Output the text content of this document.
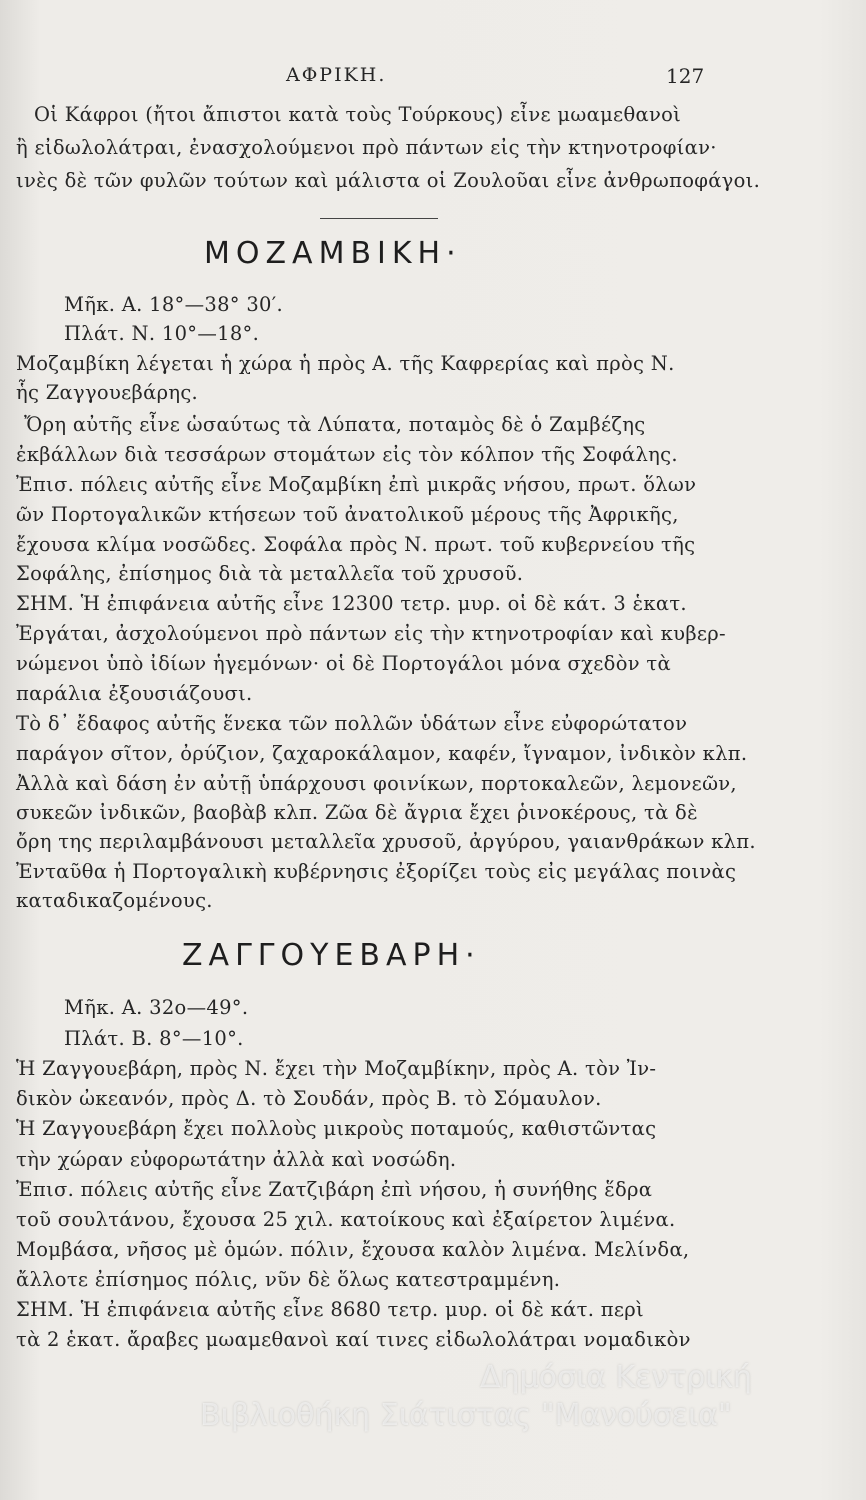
ΑΦΡΙΚΗ.	127
Οἱ Κάφροι (ἤτοι ἄπιστοι κατὰ τοὺς Τούρκους) εἶνε μωαμεθανοὶ
ἢ εἰδωλολάτραι, ἐνασχολούμενοι πρὸ πάντων εἰς τὴν κτηνοτροφίαν·
ινὲς δὲ τῶν φυλῶν τούτων καὶ μάλιστα οἱ Ζουλοῦαι εἶνε ἀνθρωποφάγοι.
ΜΟΖΑΜΒΙΚΗ·
Μῆκ. Α. 18°—38° 30′.
Πλάτ. Ν. 10°—18°.
Μοζαμβίκη λέγεται ἡ χώρα ἡ πρὸς Α. τῆς Καφρερίας καὶ πρὸς Ν.
ἧς Ζαγγουεβάρης.
Ὄρη αὐτῆς εἶνε ὡσαύτως τὰ Λύπατα, ποταμὸς δὲ ὁ Ζαμβέζης
ἐκβάλλων διὰ τεσσάρων στομάτων εἰς τὸν κόλπον τῆς Σοφάλης.
Ἐπισ. πόλεις αὐτῆς εἶνε Μοζαμβίκη ἐπὶ μικρᾶς νήσου, πρωτ. ὅλων
ῶν Πορτογαλικῶν κτήσεων τοῦ ἀνατολικοῦ μέρους τῆς Ἀφρικῆς,
ἔχουσα κλίμα νοσῶδες. Σοφάλα πρὸς Ν. πρωτ. τοῦ κυβερνείου τῆς
Σοφάλης, ἐπίσημος διὰ τὰ μεταλλεῖα τοῦ χρυσοῦ.
ΣΗΜ. Ἡ ἐπιφάνεια αὐτῆς εἶνε 12300 τετρ. μυρ. οἱ δὲ κάτ. 3 ἑκατ.
Ἐργάται, ἀσχολούμενοι πρὸ πάντων εἰς τὴν κτηνοτροφίαν καὶ κυβερ-
νώμενοι ὑπὸ ἰδίων ἡγεμόνων· οἱ δὲ Πορτογάλοι μόνα σχεδὸν τὰ
παράλια ἐξουσιάζουσι.
Τὸ δ᾽ ἔδαφος αὐτῆς ἕνεκα τῶν πολλῶν ὑδάτων εἶνε εὐφορώτατον
παράγον σῖτον, ὀρύζιον, ζαχαροκάλαμον, καφέν, ἴγναμον, ἰνδικὸν κλπ.
Ἀλλὰ καὶ δάση ἐν αὐτῇ ὑπάρχουσι φοινίκων, πορτοκαλεῶν, λεμονεῶν,
συκεῶν ἰνδικῶν, βαοβὰβ κλπ. Ζῶα δὲ ἄγρια ἔχει ῥινοκέρους, τὰ δὲ
ὄρη της περιλαμβάνουσι μεταλλεῖα χρυσοῦ, ἀργύρου, γαιανθράκων κλπ.
Ἐνταῦθα ἡ Πορτογαλικὴ κυβέρνησις ἐξορίζει τοὺς εἰς μεγάλας ποινὰς
καταδικαζομένους.
ΖΑΓΓΟΥΕΒΑΡΗ·
Μῆκ. Α. 32ο—49°.
Πλάτ. Β. 8°—10°.
Ἡ Ζαγγουεβάρη, πρὸς Ν. ἔχει τὴν Μοζαμβίκην, πρὸς Α. τὸν Ἰν-
δικὸν ὠκεανόν, πρὸς Δ. τὸ Σουδάν, πρὸς Β. τὸ Σόμαυλον.
Ἡ Ζαγγουεβάρη ἔχει πολλοὺς μικροὺς ποταμούς, καθιστῶντας
τὴν χώραν εὐφορωτάτην ἀλλὰ καὶ νοσώδη.
Ἐπισ. πόλεις αὐτῆς εἶνε Ζατζιβάρη ἐπὶ νήσου, ἡ συνήθης ἕδρα
τοῦ σουλτάνου, ἔχουσα 25 χιλ. κατοίκους καὶ ἐξαίρετον λιμένα.
Μομβάσα, νῆσος μὲ ὁμών. πόλιν, ἔχουσα καλὸν λιμένα. Μελίνδα,
ἄλλοτε ἐπίσημος πόλις, νῦν δὲ ὅλως κατεστραμμένη.
ΣΗΜ. Ἡ ἐπιφάνεια αὐτῆς εἶνε 8680 τετρ. μυρ. οἱ δὲ κάτ. περὶ
τὰ 2 ἑκατ. ἄραβες μωαμεθανοὶ καί τινες εἰδωλολάτραι νομαδικὸν
Δημόσια Κεντρική
Βιβλιοθήκη Σιάτιστας "Μανούσεια"
